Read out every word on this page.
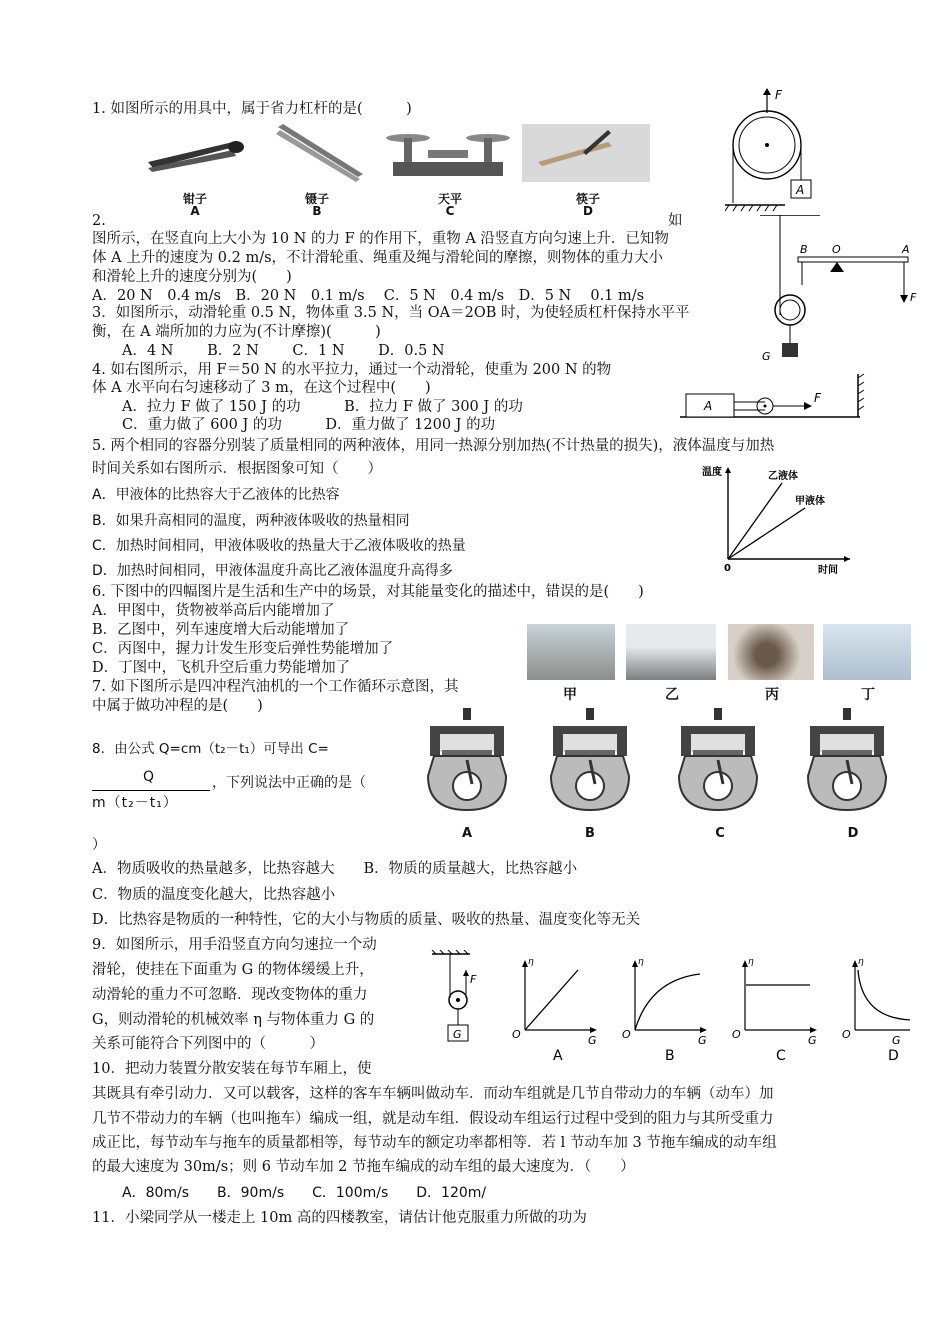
1. 如图所示的用具中，属于省力杠杆的是(　　　)
钳子
A
镊子
B
天平
C
筷子
D
F
A
2.	如
图所示，在竖直向上大小为 10 N 的力 F 的作用下，重物 A 沿竖直方向匀速上升．已知物
体 A 上升的速度为 0.2 m/s，不计滑轮重、绳重及绳与滑轮间的摩擦，则物体的重力大小
和滑轮上升的速度分别为(　　)
A．20 N　0.4 m/s　B．20 N　0.1 m/s　 C．5 N　0.4 m/s　D．5 N　 0.1 m/s
B O	A
F
G
3．如图所示，动滑轮重 0.5 N，物体重 3.5 N，当 OA＝2OB 时，为使轻质杠杆保持水平平
衡，在 A 端所加的力应为(不计摩擦)(　　　)
A．4 N　　 B．2 N　　 C．1 N　　 D．0.5 N
4. 如右图所示，用 F＝50 N 的水平拉力，通过一个动滑轮，使重为 200 N 的物
体 A 水平向右匀速移动了 3 m，在这个过程中(　　)
A．拉力 F 做了 150 J 的功　　　B．拉力 F 做了 300 J 的功
C．重力做了 600 J 的功　　　D．重力做了 1200 J 的功
A
F
5. 两个相同的容器分别装了质量相同的两种液体，用同一热源分别加热(不计热量的损失)，液体温度与加热
时间关系如右图所示．根据图象可知（　　）
A．甲液体的比热容大于乙液体的比热容
B．如果升高相同的温度，两种液体吸收的热量相同
C．加热时间相同，甲液体吸收的热量大于乙液体吸收的热量
D．加热时间相同，甲液体温度升高比乙液体温度升高得多
温度	乙液体
甲液体
0	时间
6. 下图中的四幅图片是生活和生产中的场景，对其能量变化的描述中，错误的是(　　)
A．甲图中，货物被举高后内能增加了
B．乙图中，列车速度增大后动能增加了
C．丙图中，握力计发生形变后弹性势能增加了
D．丁图中，飞机升空后重力势能增加了
甲	乙	丙	丁
7. 如下图所示是四冲程汽油机的一个工作循环示意图，其
中属于做功冲程的是(　　)
A	B	C	D
8．由公式 Q=cm（t₂－t₁）可导出 C=
Q	，下列说法中正确的是（
m（t₂－t₁）
）
A．物质吸收的热量越多，比热容越大　　B．物质的质量越大，比热容越小
C．物质的温度变化越大，比热容越小
D．比热容是物质的一种特性，它的大小与物质的质量、吸收的热量、温度变化等无关
9．如图所示，用手沿竖直方向匀速拉一个动
滑轮，使挂在下面重为 G 的物体缓缓上升，
动滑轮的重力不可忽略．现改变物体的重力
G，则动滑轮的机械效率 η 与物体重力 G 的
关系可能符合下列图中的（　　　）
F
G
η	η	η	η
O	O	O	O
G	G	G	G
A	B	C	D
10．把动力装置分散安装在每节车厢上，使
其既具有牵引动力．又可以载客，这样的客车车辆叫做动车．而动车组就是几节自带动力的车辆（动车）加
几节不带动力的车辆（也叫拖车）编成一组，就是动车组．假设动车组运行过程中受到的阻力与其所受重力
成正比，每节动车与拖车的质量都相等，每节动车的额定功率都相等．若 l 节动车加 3 节拖车编成的动车组
的最大速度为 30m/s；则 6 节动车加 2 节拖车编成的动车组的最大速度为．（　　）
A．80m/s　　B．90m/s　　C．100m/s　　D．120m/
11．小梁同学从一楼走上 10m 高的四楼教室，请估计他克服重力所做的功为
